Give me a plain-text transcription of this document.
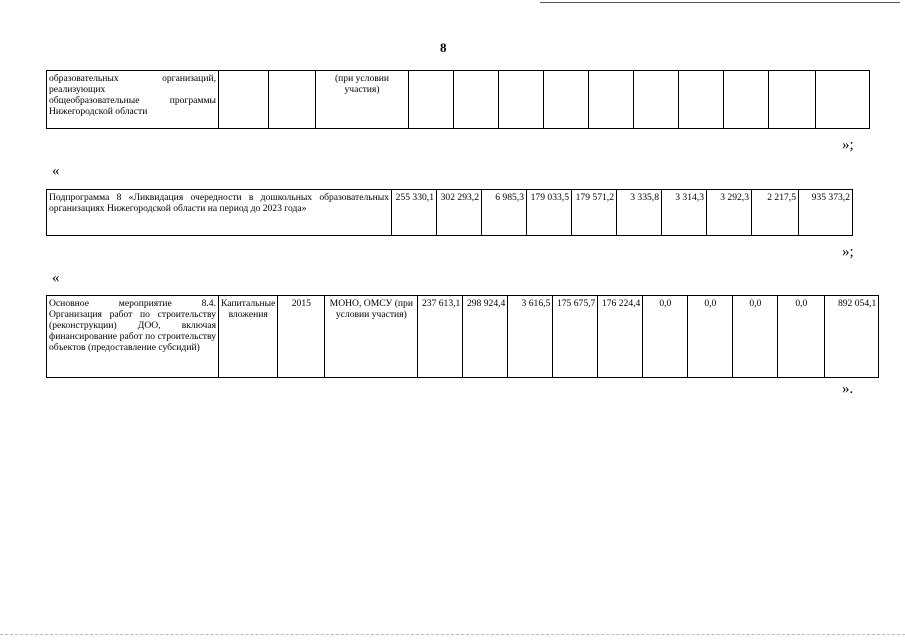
8
образовательных организаций,
реализующих
общеобразовательные программы
Нижегородской области
			(при условии участия)										
»;
«
Подпрограмма 8 «Ликвидация очередности в дошкольных образовательных организациях Нижегородской области на период до 2023 года»	255 330,1	302 293,2	6 985,3	179 033,5	179 571,2	3 335,8	3 314,3	3 292,3	2 217,5	935 373,2
»;
«
Основное мероприятие 8.4. Организация работ по строительству (реконструкции) ДОО, включая финансирование работ по строительству объектов (предоставление субсидий)	Капитальные вложения	2015	МОНО, ОМСУ (при условии участия)	237 613,1	298 924,4	3 616,5	175 675,7	176 224,4	0,0	0,0	0,0	0,0	892 054,1
».
